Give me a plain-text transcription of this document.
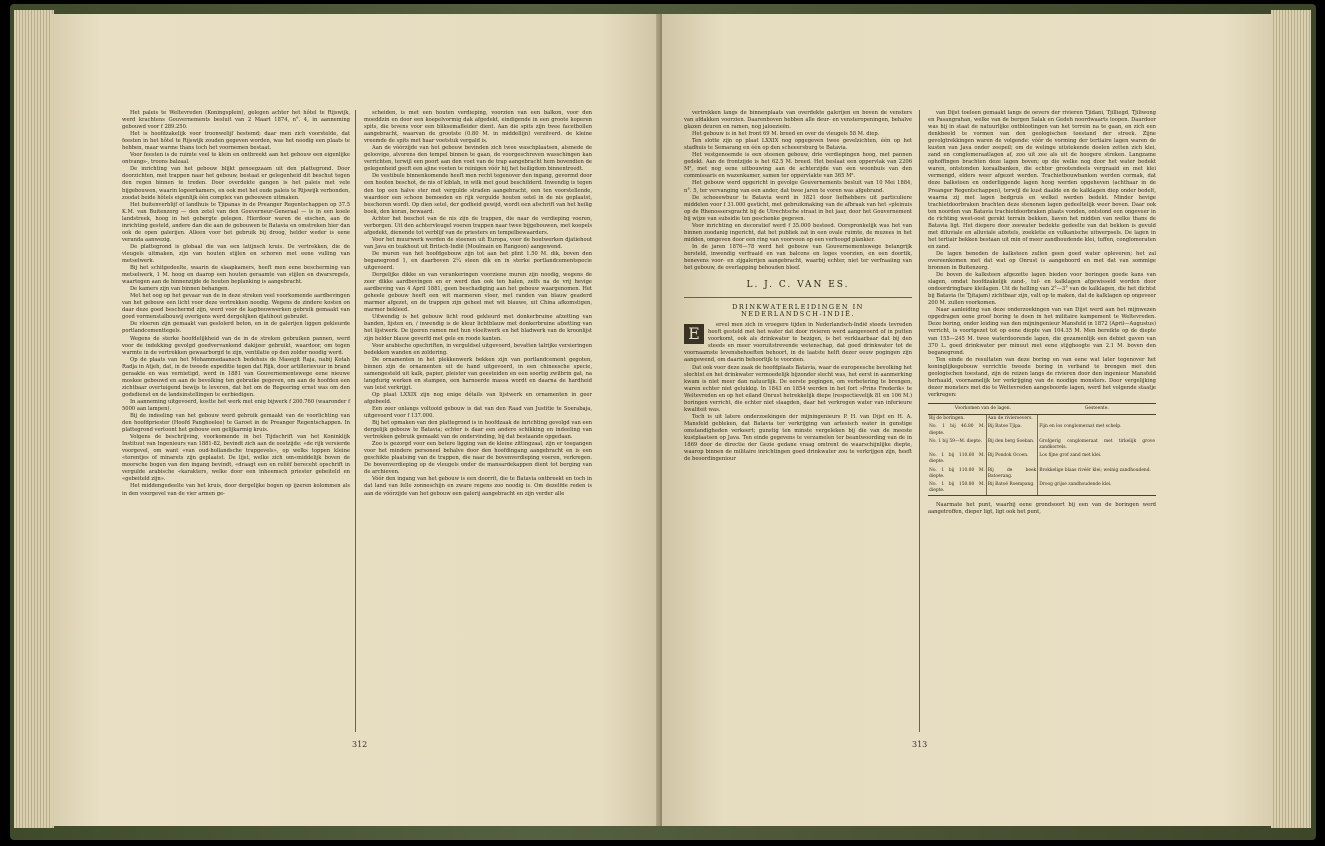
Het paleis te Weltevreden (Koningsplein), gelegen achter het hôtel te Rijswijk, werd krachtens Gouvernements besluit van 2 Maart 1874, n°. 4, in aanneming gebouwd voor f 289.250.

Het is hoofdzakelijk voor troonwelijf bestemd; daar men zich voorstelde, dat feesten in het hôtel te Rijswijk zouden gegeven worden, was het noodig een plaats te hebben, maar warme thans toch het voornemen bestaat.

Voor feesten is de ruimte veel te klein en ontbreekt aan het gebouw een eigenlijke ontvangs-, troons balzaal.

De inrichting van het gebouw blijkt genoegzaam uit den plattegrond. Door doorzichten, met trappen naar het gebouw, bestaat er gelegenheid dit beschut tegen den regen binnen te treden. Door overdekte gangen is het paleis met vele bijgebouwen, waarin logeerkamers, en ook met het oude paleis te Rijswijk verbonden, zoodat beide hôtels eigenlijk één complex van gebouwen uitmaken.

Het buitenverblijf of landhuis te Tjipanas in de Preanger Regentschappen op 37.5 K.M. van Buitenzorg — den zetel van den Gouverneur-Generaal — is in een koele landstreek, hoog in het gebergte gelegen. Hierdoor waren de eischen, aan de inrichting gesteld, andere dan die aan de gebouwen te Batavia en omstreken hier dan ook de open galerijen. Alleen voor het gebruik bij droog, helder weder is eene veranda aanwezig.

De plattegrond is globaal die van een latijnsch kruis. De vertrekken, die de vleugels uitmaken, zijn van houten stijlen en schoren met eene vulling van metselwerk.

Bij het schitgedeelte, waarin de slaapkamers, heeft men eene bescherming van metselwerk, 1 M. hoog en daarop een houten geraamte van stijlen en dwarsregels, waartegen aan de binnenzijde de houten beplanking is aangebracht.

De kamers zijn van binnen behangen.

Met het oog op het gevaar van de in deze streken veel voorkomende aardbevingen van het gebouw een licht voor deze vertrekken noodig. Wegens de zindere kosten on daar deze goed beschermd zijn, werd voor de kapbouwwerken gebruik gemaakt van goed vormenstalbouwij overigens werd dergelijken djatihout gebruikt.

De vloeren zijn gemaakt van geslolerd beton, en in de galerijen liggen gekleurde portlandcementtegels.

Wegens de sterke hoofdelijkheid van de in de streken gebruiken pannen, werd voor de indekking gevolgd goedvervankend dakijzer gebruikt, waardoor, om tegen warmte in de vertrekken gewaarborgd te zijn, ventilatie op den zolder noodig werd.

Op de plaats van het Mohammedaansch bedehuis de Masegit Raja, nabij Kotah Radja in Atjeh, dat, in de tweede expeditie tegen dat Rijk, door artillerievuur in brand geraakte en was vernietigd, werd in 1881 van Gouvernementswege eene nieuwe moskee gebouwd en aan de bevolking ten gebruike gegeven, om aan de hoofden een zichtbaar overtuigend bewijs te leveren, dat het om de Regeering ernst was om den godsdienst en de landsinstellingen te eerbiedigen.

In aanneming uitgevoerd, kostte het werk met enig bijwerk f 200.760 (waaronder f 5000 aan lampen).

Bij de indeeling van het gebouw werd gebruik gemaakt van de voorlichting van den hoofdpriester (Hoofd Panghoelee) te Garoet in de Preanger Regentschappen. In plattegrond vertoont het gebouw een gelijkarmig kruis.

Volgens de beschrijving, voorkomende in het Tijdschrift van het Koninklijk Instituut van Ingenieurs van 1881-82, bevindt zich aan de oostzijde: «de rijk versierde voorgevel, om want «van oud-hollandsche trapgevels», op welks toppen kleine «torentjes of minarets zijn geplaatst. De lijst, welke zich om«middelijk boven de moorsche bogen van den ingang bevindt, «draagt een en reliëf bereceht opschrift in vergulde arabische «karakters, welke door een inheemsch priester gebeiteld en «gebeiteld zijn».

Het middengedeelte van het kruis, door dergelijke bogen op ijzeren kolommen als in den voorgevel van de vier armen ge-

scheiden, is met een houten verdieping, voorzien van een balkon, voor den moeddzin en door een koepelvormig dak afgedekt, eindigende in een groote koperen spits, die tevens voor een bliksemafleider dient. Aan die spits zijn twee facetbollen aangebracht, waarvan de grootste (0.80 M. in middellijn) verzilverd. de kleine vreemde de spits met haar voetstuk vergald is.

Aan de vóórzijde van het gebouw bevinden zich twee waschplaatsen, alsmede de geloovige, alvorens den tempel binnen te gaan, de voorgeschreven wasschingen kan verrichten, terwijl een poort aan den voet van de trap aangebracht hem bovendien de gelegenheid geeft een ajine voeten te reinigen vóór hij het heiligdom binnentreedt.

De vestibule binnenkomende heeft men recht tegenover den ingang, gevormd door een houten beschot, de nis of kiblah, in wilk met goud beschilderd. Inwendig is tegen den top een halve ster met vergulde straden aangebracht, een ten voorstellende, waardoor een schoon bemoeden en rijk vergulde houten setel in de nis geplaatst, beschoren wordt. Op dien setel, der godheid gewijd, wordt een afschrift van het heilig boek, den koran, bewaard.

Achter het beschot van de nis zijn de trappen, die naar de verdieping voeren, verborgen. Uit den achtervleugel voeren trappen naar twee bijgebouwen, met koepels afgedekt, dienende tot verblijf van de priesters en tempelbewaarders.

Voor het muurwerk werden de steenen uit Europa, voor de houtwerken djatiehout van Java en teakhout uit Britsch-Indië (Moulmain en Rangoon) aangewend.

De muren van het hoofdgebouw zijn tot aan het plint 1.50 M. dik, boven den beganegrond 1, en daarboven 2¼ steen dik en in sterke portlandcementspecie uitgevoerd.

Dergelijke dikke en van verankeringen voorziene muren zijn noodig, wegens de zeer dikke aardbevingen en er werd dan ook ten halen, zelfs na de vrij hevige aardbeving van 4 April 1881, geen beschadiging aan het gebouw waargenomen. Het geheele gebouw heeft een wit marmeren vloer, met randen van blauw geaderd marmer afgezet, en de trappen zijn geheel met wit blauwe, uit China afkomstigen, marmer bekleed.

Uitwendig is het gebouw licht rood gekleurd met donkerbruine afzetting van banden, lijsten en, / inwendig is de kleur lichtblauw met donkerbruine afzetting van het lijstwerk. De ijzeren ramen met hun vloeltwerk en het bladwerk van de kroonlijst zijn helder blauw geverfd met gele en roode kanten.

Voor arabische opschriften, in verguldsel uitgevoerd, bevatten talrijke versieringen bedekken wanden en zoldering.

De ornamenten in het plekkenwerk bekken zijn van portlandcement gegoten, binnen zijn de ornamenten uit de hand uitgevoerd, in een chineesche specie, samengesteld uit kalk, papier, pleister van geesteiden en een soortig zwilbrin gat, na langdurig werken en stampen, een harnoerde massa wordt en daarna de hardheid van leist verkrijgt.

Op plaat LXXIX zijn nog enige détails van lijstwerk en ornamenten in geer afgebeeld.

Een zeer onlangs voltooid gebouw is dat van den Raad van Justitie te Soerabaja, uitgevoerd voor f 137.000.

Bij het opmaken van den plattegrond is in hoofdzaak de inrichting gevolgd van een dergelijk gebouw te Batavia; echter is daar een andere schikking en indeeling van vertrekken gebruik gemaakt van de ondervinding, bij dat bestaande opgedaan.

Zoo is gezorgd voor een betere ligging van de kleine zittingzaal, zijn er toegangen voor het mindere personeel behalve door den hoofdingang aangebracht en is een geschikte plaatsing van de trappen, die naar de bovenverdieping voeren, verkregen. De bovenverdieping op de vleugels onder de mansardekappen dient tot berging van de archieven.

Vóór den ingang van het gebouw is een doorrit, die te Batavia ontbreekt en toch in dat land van felle zonneschijn en zware regens zoo noodig is. Om dezelfde reden is aan de vóórzijde van het gebouw een galerij aangebracht en zijn verder alle

312

vertrekken langs de binnenplaats van overdekte galerijen en boven de vensters van afdakken voorzien. Daarenboven hebben alle deur- en vensteropeningen, behalve glazen deuren en ramen, nog jaloezieën.

Het gebouw is in het front 69 M. breed en over de vleugels 58 M. diep.

Ten slotte zijn op plaat LXXIX nog opgegeven twee gevelzichten, één op het stadhuis te Semarang en één op den scheeersburg te Batavia.

Het vestgenoemde is een steenen gebouw, drie verdiepingen hoog, met pannen gedekt. Aan de frontzijde is het 62.5 M. breed. Het beslaat een oppervlak van 2206 M², met nog eene uitbouwing aan de achterzijde van een woonhuis van den commissaris en wazenkamer, samen ter oppervlakte van 365 M².

Het gebouw werd opgericht in gevolge Gouvernements besluit van 10 Mei 1884, n°. 5, ter vervanging van een ander, dat twee jaren te voren was afgebrand.

De scheeewbuur te Batavia werd in 1821 door liefhebbers uit particuliere middelen voor f 31.000 gesticht, met gebruikmaking van de afbraak van het »pleinuis op de Rhenossersgracht bij de Utrechtsche straat in het jaar, door het Gouvernement bij wijze van subsidie ten geschenke gegeven.

Voor inrichting en decoratief werd f 35.000 besteed. Oorspronkelijk was het van binnen zoodanig ingericht, dat het publiek zat in een ovale ruimte, de muzees in het midden, omgeven door een ring van voorvoon op een verhoogd plankier.

In de jaren 1876—78 werd het gebouw van Gouvernementswege belangrijk hersteld, inwendig verfraaid en van balcons en loges voorzien, en een doortik, benevens voor- en zijgalerijen aangebracht, waarbij echter, niet ter verfraaiing van het gebouw, de overlapping behouden bleef.

L. J. C. VAN ES.
DRINKWATERLEIDINGEN IN
NEDERLANDSCH-INDIË.
E	ervel men zich in vroegere tijden in Nederlandsch-Indië steeds tevreden heeft gesteld met het water dat door rivieren werd aangevoerd of in putten voorkomt, ook als drinkwater te bezigen, is het verklaarbaar dat bij den steeds en meer vooruitstrevende wetenschap, dat goed drinkwater tot de voornaamste levensbehoeften behoort, in de laatste helft dezer eeuw pogingen zijn aangewend, om daarin behoorlijk te voorzien.

Dat ook voor deze zaak de hoofdplaats Batavia, waar de europeesche bevolking het slechtst en het drinkwater vermoedelijk bijzonder slecht was, het eerst in aanmerking kwam is niet meer dan natuurlijk. De eerste pogingen, om verbetering te brengen, waren echter niet gelukkig. In 1843 en 1854 werden in het fort »Prins Frederik« te Weltevreden en op het eiland Onrust hetrekkelijk diepe (respectievelijk 81 en 106 M.) boringen verricht, die echter niet slaagden, daar het verkregen water van inferieure kwaliteit was.

Toch is uit latere onderzoekingen der mijningenieurs P. H. van Dijst en H. A. Mansfeld gebleken, dat Batavia ter verkrijging van artesisch water in gunstige omstandigheden verkeert; gunstig ten minste vergeleken bij die van de meeste kustplaatsen op Java. Ten einde gegevens te verzamelen ter beantwoording van de in 1869 door de directie der Gezie gedane vraag omtrent de waarschijnlijke diepte, waarop binnen de militaire inrichtingen goed drinkwater zou te verkrijgen zijn, heeft de beoordingeniour

van Dijst toeleen gemaakt langs de oevers der rivieren Tjidani, Tjilliegd, Tjiliwong en Pasangrahan, welke van de bergen Salak en Gedeh noordwaarts loopen. Daardoor was hij in staat de natuurlijke ontblootingen van het terrein na te gaan, en zich een denkbeeld te vormen van den geologischen toestand der streek. Zijne gevolgtrekkingen waren de volgende: vóór de vorming der tertiaire lagen waren de kusten van Java onder zeepeil; om de welinge uitstekende doelen zetten zich klei, zand en conglomeraatlagen af, zoo uit zee als uit de hoogere streken. Langzame ophoffingen brachten deze lagen boven; op die welke nog door het water bedekt waren, ontstonden koraalbanken, die echter grootendeels vergraaid en met klei vermengd, elders weer afgezet werden. Trachietbouwbanken werden cormak, dat deze balkstoen en onderliggende lagen hoog werden opgeheven (achthaar in de Preanger Regentschappen), terwijl de kust daalde en de kalklagen diep onder bedelt, waarna zij met lagen bedgruis en welkel werden bedekt. Minder hevige trachietdoorbraken brachten deze stenenen lagen gedeeltelijk weer boven. Daar ook ten noorden van Batavia trachietdoorbraken plaats vonden, ontstond een ongeveer in de richting west-oost gerekt terrain bekken, liaven het midden van welke thans de Batavia ligt. Het diepere door zeewater bedekte gedeelte van dat bekken is gevuld met diluviale en alluviale afzetels, zoekletie en vulkanische uitwerpsels. De lagen in het tertiair bekken bestaan uit min of meer zandhoudende klei, tuffen, conglomeraten en zand.

De lagen beneden de kalksteen zullen geen goed water opleveren; het zal overeenkomen met dat wat op Onrust is aangeboord en met dat van sommige bronnen in Buitenzorg.

De boven de kalksteen afgezette lagen bieden voor boringen goede kans van slagen, omdat hoofdzakelijk zand-, tuf- en kalklagen afgewisseld worden door ondoordringbare kleilagen. Uit de helling van 2°—3° van de kalklagen, die het dichtst bij Batavia (te Tjitajam) zichtbaar zijn, valt op te maken, dat de kalklagen op ongeveer 200 M. zullen voorkomen.

Naar aanleiding van deze onderzoekingen van van Dijst werd aan het mijnwezen opgedragen eene proef boring te doen in het militaire kampement te Weltevreden. Deze boring, onder leiding van den mijningenieur Mansfeld in 1872 (April—Augustus) verricht, is voortgezet tot op eene diepte van 104.35 M. Men bereikte op de diepte van 155—245 M. twee waterdoorende lagen, die gezamenlijk een debiet gaven van 370 L. goed drinkwater per minuut met eene stijghoogte van 2.1 M. boven den beganegrond.

Ten einde de resultaten van deze boring en van eene wat later tegenover het koninglijkegebouw verrichte tweede boring in verband te brengen met den geologischen toestand, zijn de reizen langs de rivieren door den ingenieur Mansfeld herhaald, voornamelijk ter verkrijging van de noodige monsters. Door vergelijking dezer monsters met die te Weltevreden aangeboorde lagen, werd het volgende staatje verkregen:

Voorkomen van de lagen.		Gesteente.
Bij de boringen.	Aan de rivieroevers.	
No. 1 bij 46.80 M. diepte.	Bij Batoe Tjipa.	Fijn en los conglomeraat met schelp.
No. 1 bij 59—M. diepte.	Bij den berg Soeban.	Grofgerig conglomeraat met tirkelijk grove zandkorrels.
No. 1 bij 110.60 M. diepte.	Bij Pondok Ocoen.	Los fijne grof zand met klei.
No. 1 bij 110.80 M. diepte.	Bij de beek Batoerang.	Brokkelige blaas rivéér klei; weinig zandhoudend.
No. 1 bij 150.80 M. diepte.	Bij Batoë Roempang.	Droog grijse zandhoudende klei.

Naarmate het punt, waarbij eene grondsoort bij een van de boringen werd aangetroffen, dieper ligt, ligt ook het punt,

313
